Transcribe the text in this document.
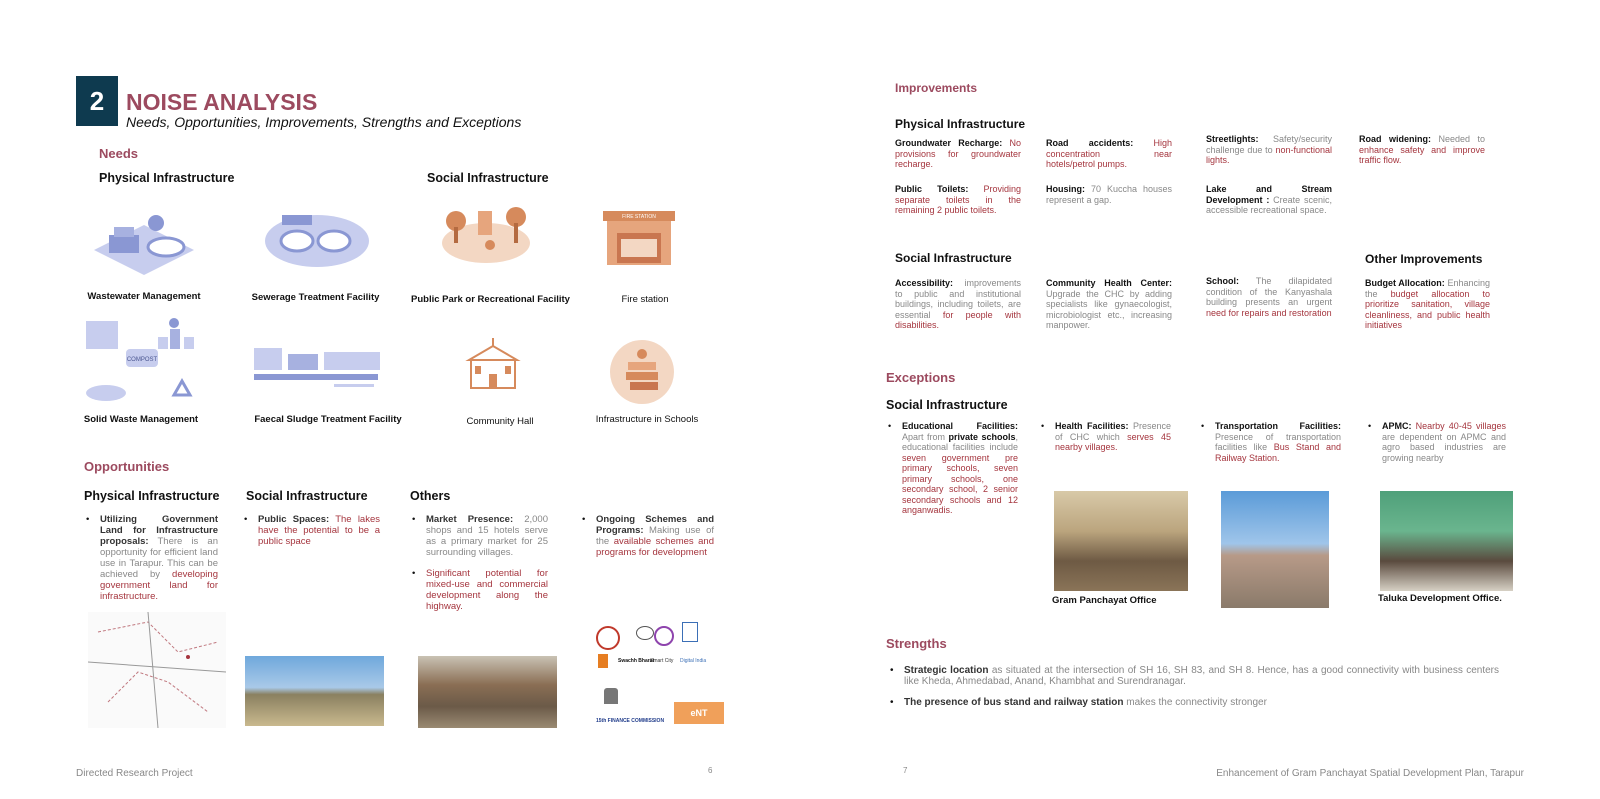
2 NOISE ANALYSIS
Needs, Opportunities, Improvements, Strengths and Exceptions
Needs
Physical Infrastructure	Social Infrastructure
FIRE STATION
Wastewater Management	Sewerage Treatment Facility	Public Park or Recreational Facility	Fire station
COMPOST
Solid Waste Management	Faecal Sludge Treatment Facility	Community Hall	Infrastructure in Schools
Opportunities
Physical Infrastructure Social Infrastructure	Others
• Utilizing Government Land for Infrastructure proposals: There is an opportunity for efficient land use in Tarapur. This can be achieved by developing government land for infrastructure.
• Public Spaces: The lakes have the potential to be a public space
• Market Presence: 2,000 shops and 15 hotels serve as a primary market for 25 surrounding villages.
• Significant potential for mixed-use and commercial development along the highway.
• Ongoing Schemes and Programs: Making use of the available schemes and programs for development
Swachh Bharat
Smart City Digital India
15th FINANCE COMMISSION
eNT
Directed Research Project	6
Improvements
Physical Infrastructure
Groundwater Recharge: No provisions for groundwater recharge.
Road accidents: High concentration near hotels/petrol pumps.
Streetlights: Safety/security challenge due to non-functional lights.
Road widening: Needed to enhance safety and improve traffic flow.
Public Toilets: Providing separate toilets in the remaining 2 public toilets.
Housing: 70 Kuccha houses represent a gap.
Lake and Stream Development : Create scenic, accessible recreational space.
Social Infrastructure	Other Improvements
Accessibility: improvements to public and institutional buildings, including toilets, are essential for people with disabilities.
Community Health Center: Upgrade the CHC by adding specialists like gynaecologist, microbiologist etc., increasing manpower.
School: The dilapidated condition of the Kanyashala building presents an urgent need for repairs and restoration
Budget Allocation: Enhancing the budget allocation to prioritize sanitation, village cleanliness, and public health initiatives
Exceptions
Social Infrastructure
• Educational Facilities: Apart from private schools, educational facilities include seven government pre primary schools, seven primary schools, one secondary school, 2 senior secondary schools and 12 anganwadis.
• Health Facilities: Presence of CHC which serves 45 nearby villages.
• Transportation Facilities: Presence of transportation facilities like Bus Stand and Railway Station.
• APMC: Nearby 40-45 villages are dependent on APMC and agro based industries are growing nearby
Gram Panchayat Office	Taluka Development Office.
Strengths
• Strategic location as situated at the intersection of SH 16, SH 83, and SH 8. Hence, has a good connectivity with business centers like Kheda, Ahmedabad, Anand, Khambhat and Surendranagar.
• The presence of bus stand and railway station makes the connectivity stronger
7	Enhancement of Gram Panchayat Spatial Development Plan, Tarapur
